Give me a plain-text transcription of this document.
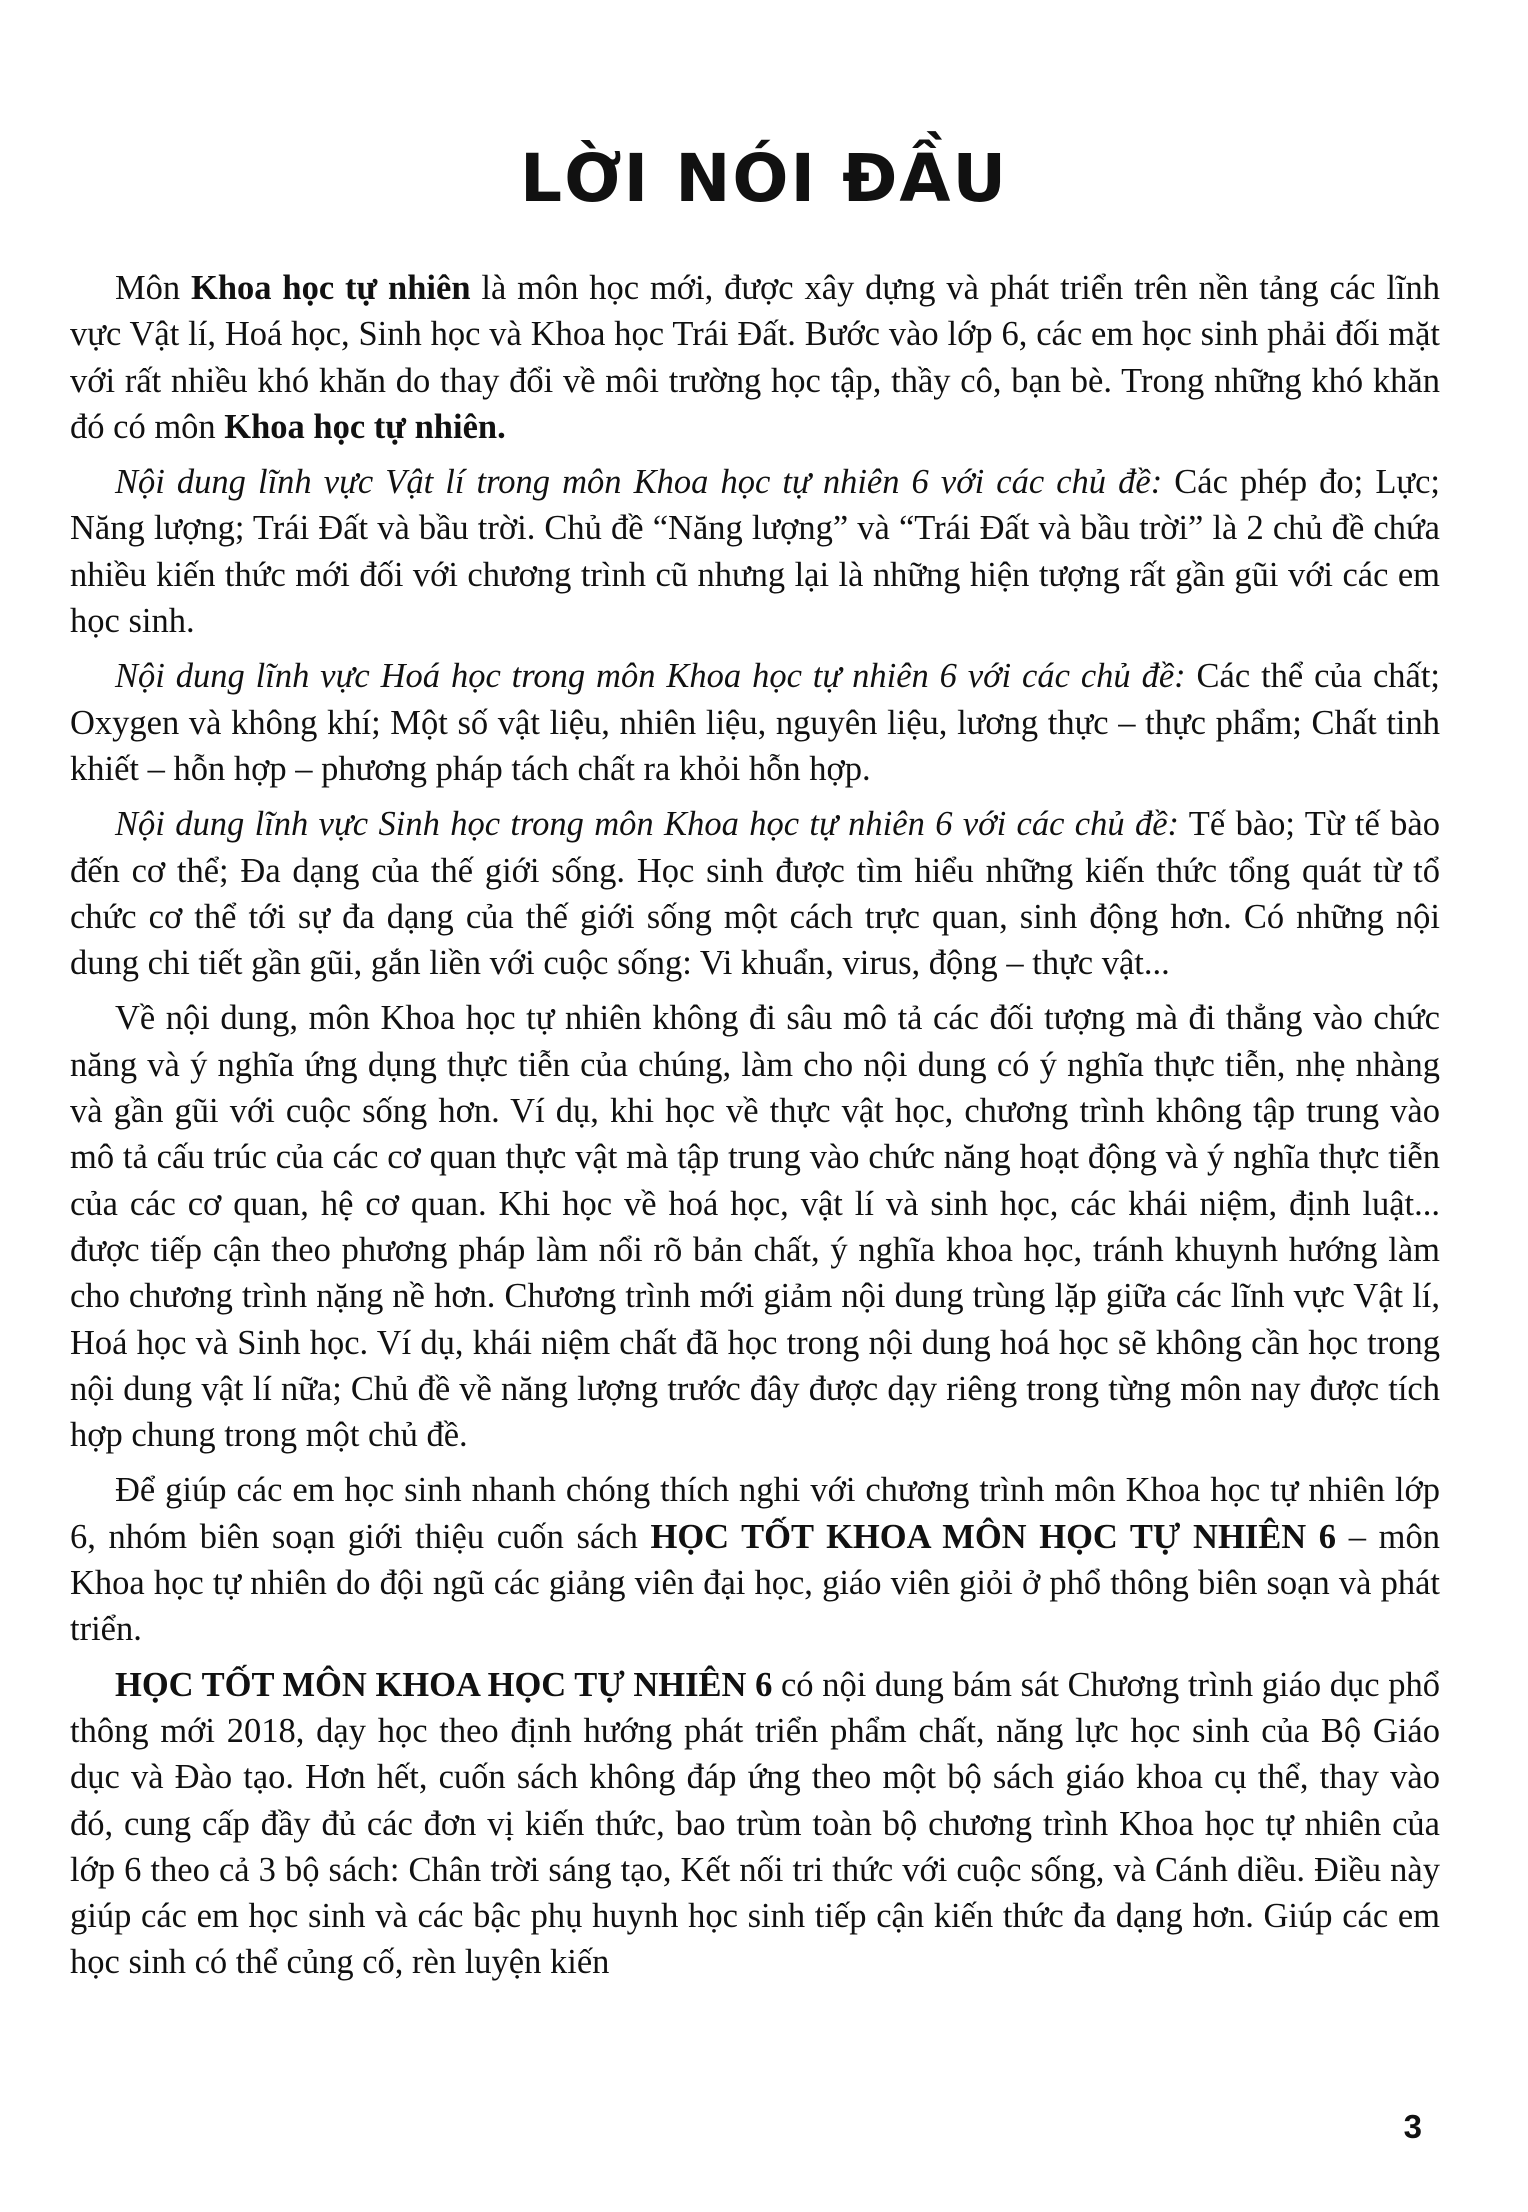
LỜI NÓI ĐẦU

Môn Khoa học tự nhiên là môn học mới, được xây dựng và phát triển trên nền tảng các lĩnh vực Vật lí, Hoá học, Sinh học và Khoa học Trái Đất. Bước vào lớp 6, các em học sinh phải đối mặt với rất nhiều khó khăn do thay đổi về môi trường học tập, thầy cô, bạn bè. Trong những khó khăn đó có môn Khoa học tự nhiên.

Nội dung lĩnh vực Vật lí trong môn Khoa học tự nhiên 6 với các chủ đề: Các phép đo; Lực; Năng lượng; Trái Đất và bầu trời. Chủ đề “Năng lượng” và “Trái Đất và bầu trời” là 2 chủ đề chứa nhiều kiến thức mới đối với chương trình cũ nhưng lại là những hiện tượng rất gần gũi với các em học sinh.

Nội dung lĩnh vực Hoá học trong môn Khoa học tự nhiên 6 với các chủ đề: Các thể của chất; Oxygen và không khí; Một số vật liệu, nhiên liệu, nguyên liệu, lương thực – thực phẩm; Chất tinh khiết – hỗn hợp – phương pháp tách chất ra khỏi hỗn hợp.

Nội dung lĩnh vực Sinh học trong môn Khoa học tự nhiên 6 với các chủ đề: Tế bào; Từ tế bào đến cơ thể; Đa dạng của thế giới sống. Học sinh được tìm hiểu những kiến thức tổng quát từ tổ chức cơ thể tới sự đa dạng của thế giới sống một cách trực quan, sinh động hơn. Có những nội dung chi tiết gần gũi, gắn liền với cuộc sống: Vi khuẩn, virus, động – thực vật...

Về nội dung, môn Khoa học tự nhiên không đi sâu mô tả các đối tượng mà đi thẳng vào chức năng và ý nghĩa ứng dụng thực tiễn của chúng, làm cho nội dung có ý nghĩa thực tiễn, nhẹ nhàng và gần gũi với cuộc sống hơn. Ví dụ, khi học về thực vật học, chương trình không tập trung vào mô tả cấu trúc của các cơ quan thực vật mà tập trung vào chức năng hoạt động và ý nghĩa thực tiễn của các cơ quan, hệ cơ quan. Khi học về hoá học, vật lí và sinh học, các khái niệm, định luật... được tiếp cận theo phương pháp làm nổi rõ bản chất, ý nghĩa khoa học, tránh khuynh hướng làm cho chương trình nặng nề hơn. Chương trình mới giảm nội dung trùng lặp giữa các lĩnh vực Vật lí, Hoá học và Sinh học. Ví dụ, khái niệm chất đã học trong nội dung hoá học sẽ không cần học trong nội dung vật lí nữa; Chủ đề về năng lượng trước đây được dạy riêng trong từng môn nay được tích hợp chung trong một chủ đề.

Để giúp các em học sinh nhanh chóng thích nghi với chương trình môn Khoa học tự nhiên lớp 6, nhóm biên soạn giới thiệu cuốn sách HỌC TỐT KHOA MÔN HỌC TỰ NHIÊN 6 – môn Khoa học tự nhiên do đội ngũ các giảng viên đại học, giáo viên giỏi ở phổ thông biên soạn và phát triển.

HỌC TỐT MÔN KHOA HỌC TỰ NHIÊN 6 có nội dung bám sát Chương trình giáo dục phổ thông mới 2018, dạy học theo định hướng phát triển phẩm chất, năng lực học sinh của Bộ Giáo dục và Đào tạo. Hơn hết, cuốn sách không đáp ứng theo một bộ sách giáo khoa cụ thể, thay vào đó, cung cấp đầy đủ các đơn vị kiến thức, bao trùm toàn bộ chương trình Khoa học tự nhiên của lớp 6 theo cả 3 bộ sách: Chân trời sáng tạo, Kết nối tri thức với cuộc sống, và Cánh diều. Điều này giúp các em học sinh và các bậc phụ huynh học sinh tiếp cận kiến thức đa dạng hơn. Giúp các em học sinh có thể củng cố, rèn luyện kiến

3
